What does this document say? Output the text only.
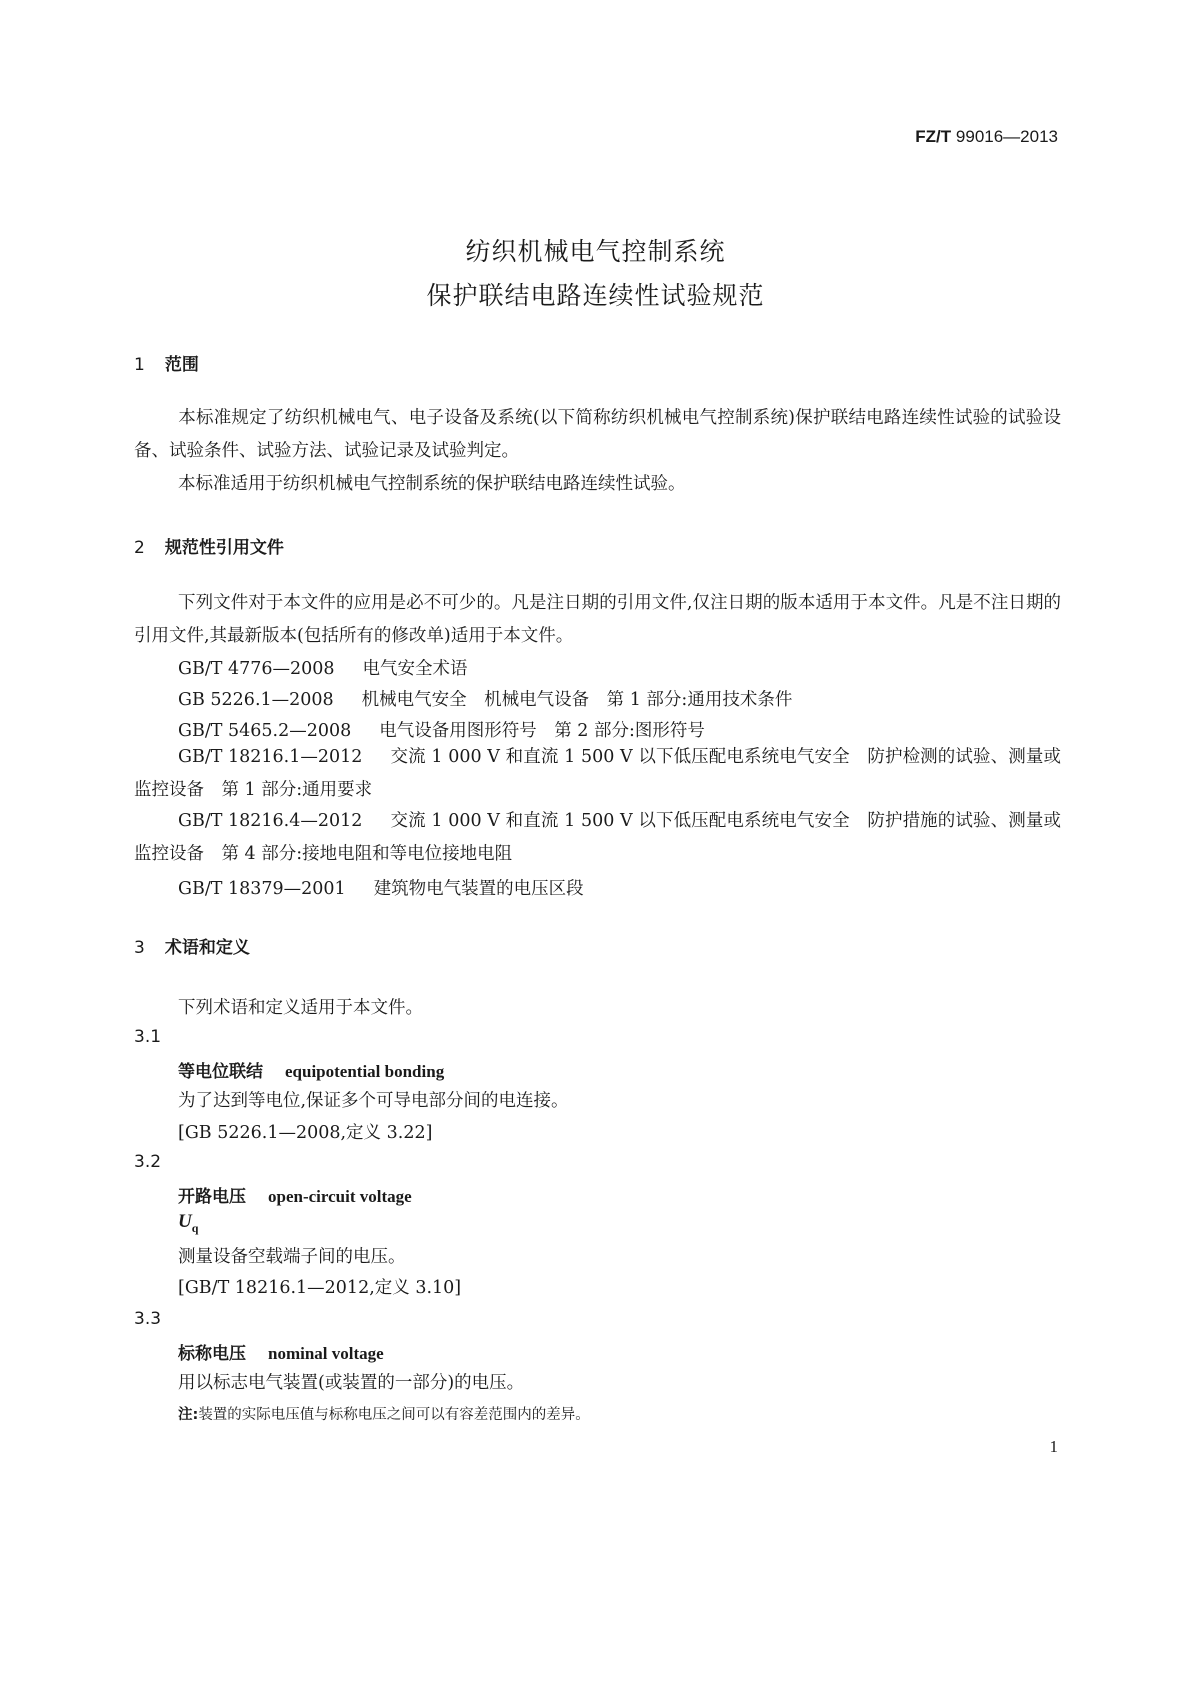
FZ/T 99016—2013
纺织机械电气控制系统
保护联结电路连续性试验规范
1 范围
本标准规定了纺织机械电气、电子设备及系统(以下简称纺织机械电气控制系统)保护联结电路连续性试验的试验设备、试验条件、试验方法、试验记录及试验判定。
本标准适用于纺织机械电气控制系统的保护联结电路连续性试验。
2 规范性引用文件
下列文件对于本文件的应用是必不可少的。凡是注日期的引用文件,仅注日期的版本适用于本文件。凡是不注日期的引用文件,其最新版本(包括所有的修改单)适用于本文件。
GB/T 4776—2008 电气安全术语
GB 5226.1—2008 机械电气安全　机械电气设备　第 1 部分:通用技术条件
GB/T 5465.2—2008 电气设备用图形符号　第 2 部分:图形符号
GB/T 18216.1—2012 交流 1 000 V 和直流 1 500 V 以下低压配电系统电气安全　防护检测的试验、测量或监控设备　第 1 部分:通用要求
GB/T 18216.4—2012 交流 1 000 V 和直流 1 500 V 以下低压配电系统电气安全　防护措施的试验、测量或监控设备　第 4 部分:接地电阻和等电位接地电阻
GB/T 18379—2001 建筑物电气装置的电压区段
3 术语和定义
下列术语和定义适用于本文件。
3.1
等电位联结 equipotential bonding
为了达到等电位,保证多个可导电部分间的电连接。
[GB 5226.1—2008,定义 3.22]
3.2
开路电压 open-circuit voltage
$U_q$
测量设备空载端子间的电压。
[GB/T 18216.1—2012,定义 3.10]
3.3
标称电压 nominal voltage
用以标志电气装置(或装置的一部分)的电压。
注:装置的实际电压值与标称电压之间可以有容差范围内的差异。
1
